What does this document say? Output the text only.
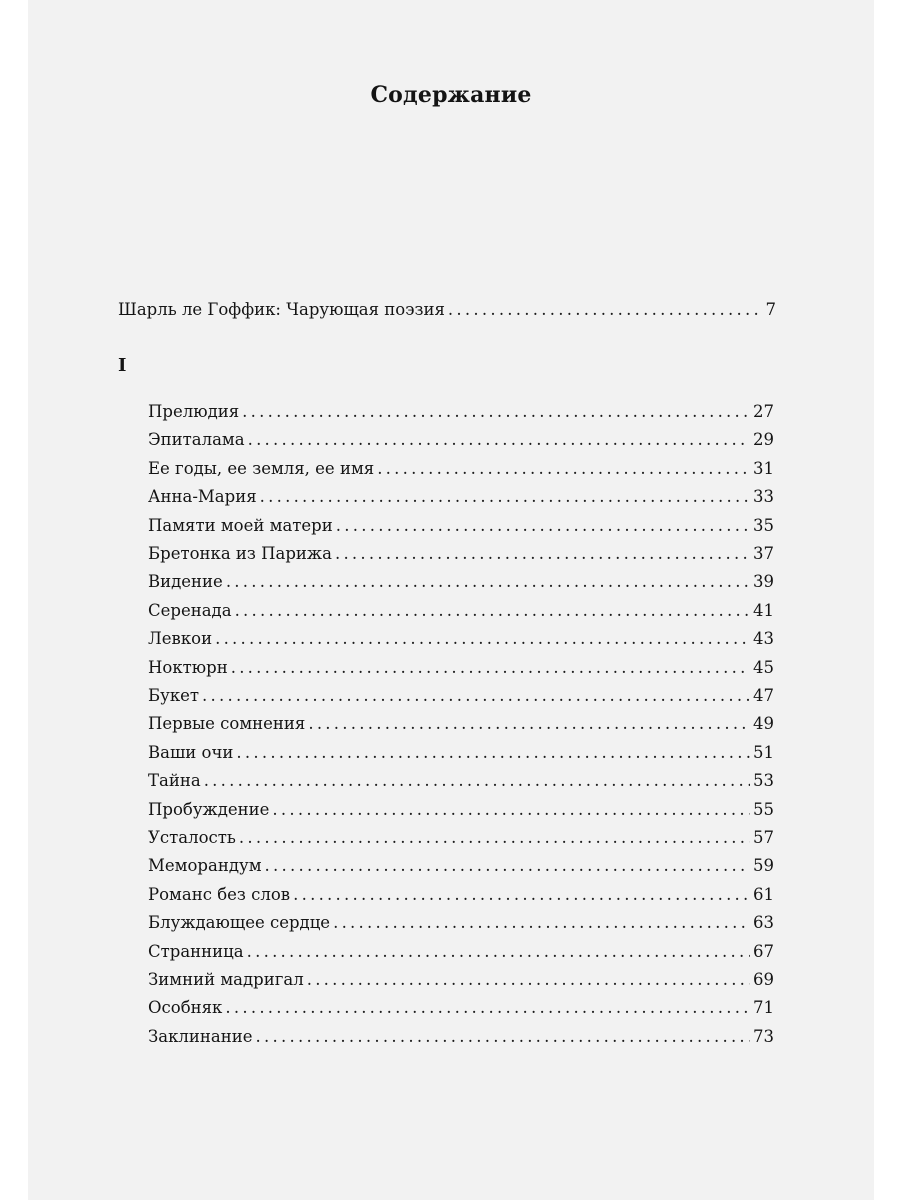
Содержание
Шарль ле Гоффик: Чарующая поэзия . . .	7
I
Прелюдия . . .	27
Эпиталама . . .	29
Ее годы, ее земля, ее имя . . .	31
Анна-Мария . . .	33
Памяти моей матери . . .	35
Бретонка из Парижа . . .	37
Видение . . .	39
Серенада . . .	41
Левкои . . .	43
Ноктюрн . . .	45
Букет . . .	47
Первые сомнения . . .	49
Ваши очи . . .	51
Тайна . . .	53
Пробуждение . . .	55
Усталость . . .	57
Меморандум . . .	59
Романс без слов . . .	61
Блуждающее сердце . . .	63
Странница . . .	67
Зимний мадригал . . .	69
Особняк . . .	71
Заклинание . . .	73
